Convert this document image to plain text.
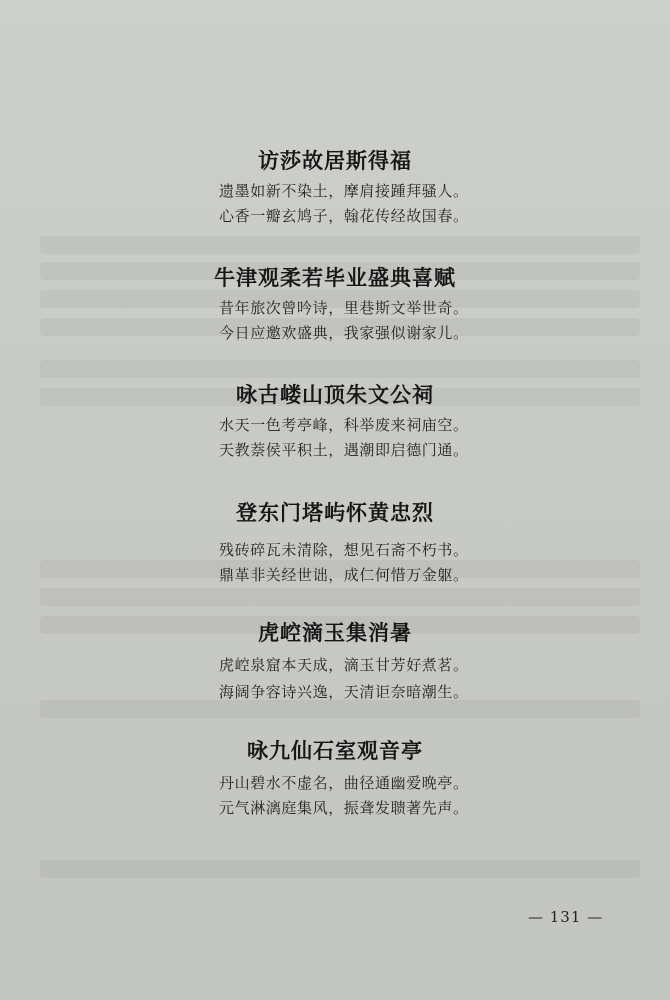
访莎故居斯得福
遗墨如新不染土，摩肩接踵拜骚人。
心香一瓣玄鸠子，翰花传经故国春。
牛津观柔若毕业盛典喜赋
昔年旅次曾吟诗，里巷斯文举世奇。
今日应邀欢盛典，我家强似谢家儿。
咏古嵝山顶朱文公祠
水天一色考亭峰，科举废来祠庙空。
天教萘侯平积土，遇潮即启德门通。
登东门塔屿怀黄忠烈
残砖碎瓦未清除，想见石斋不朽书。
鼎革非关经世诎，成仁何惜万金躯。
虎崆滴玉集消暑
虎崆泉窟本天成，滴玉甘芳好煮茗。
海阔争容诗兴逸，天清讵奈暗潮生。
咏九仙石室观音亭
丹山碧水不虚名，曲径通幽爱晚亭。
元气淋漓庭集风，振聋发聩著先声。
— 131 —
